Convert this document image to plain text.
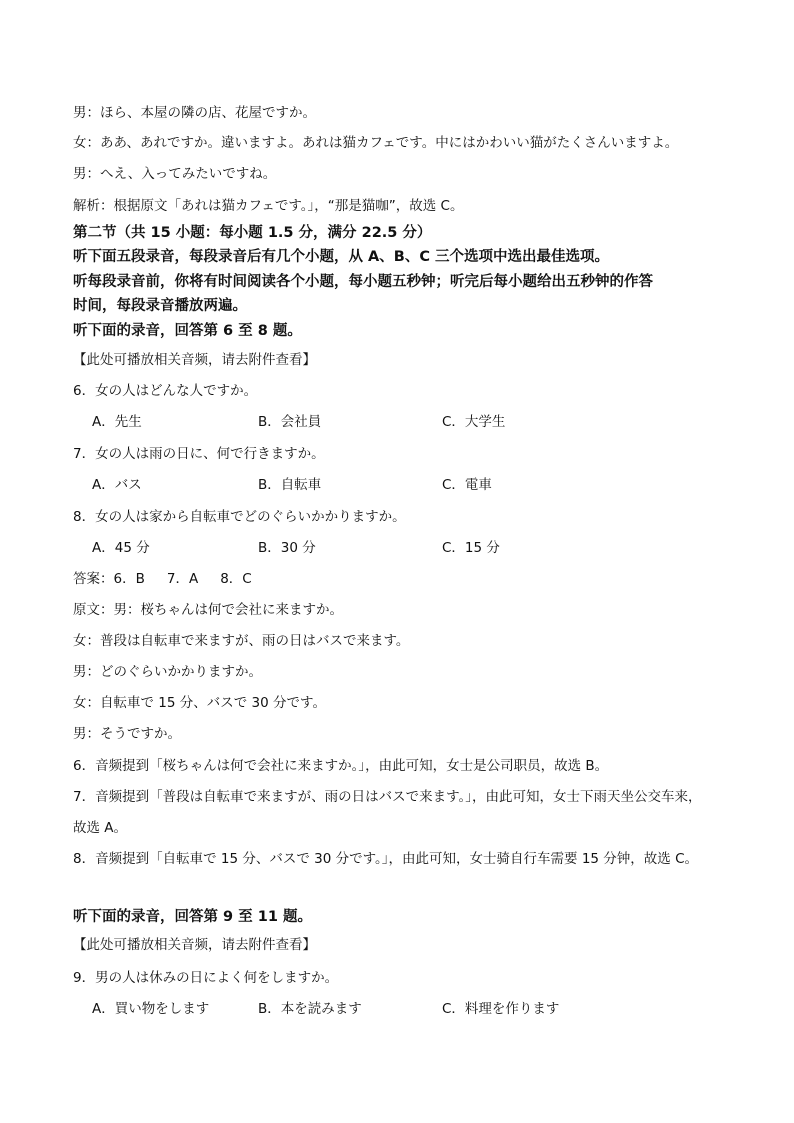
男：ほら、本屋の隣の店、花屋ですか。
女：ああ、あれですか。違いますよ。あれは猫カフェです。中にはかわいい猫がたくさんいますよ。
男：へえ、入ってみたいですね。
解析：根据原文「あれは猫カフェです。」，“那是猫咖”，故选 C。
第二节（共 15 小题：每小题 1.5 分，满分 22.5 分）
听下面五段录音，每段录音后有几个小题，从 A、B、C 三个选项中选出最佳选项。
听每段录音前，你将有时间阅读各个小题，每小题五秒钟；听完后每小题给出五秒钟的作答
时间，每段录音播放两遍。
听下面的录音，回答第 6 至 8 题。
【此处可播放相关音频，请去附件查看】
6．女の人はどんな人ですか。
A．先生	B．会社員	C．大学生
7．女の人は雨の日に、何で行きますか。
A．バス	B．自転車	C．電車
8．女の人は家から自転車でどのぐらいかかりますか。
A．45 分	B．30 分	C．15 分
答案：6．B 7．A 8．C
原文：男：桜ちゃんは何で会社に来ますか。
女：普段は自転車で来ますが、雨の日はバスで来ます。
男：どのぐらいかかりますか。
女：自転車で 15 分、バスで 30 分です。
男：そうですか。
6．音频提到「桜ちゃんは何で会社に来ますか。」，由此可知，女士是公司职员，故选 B。
7．音频提到「普段は自転車で来ますが、雨の日はバスで来ます。」，由此可知，女士下雨天坐公交车来，
故选 A。
8．音频提到「自転車で 15 分、バスで 30 分です。」，由此可知，女士骑自行车需要 15 分钟，故选 C。
听下面的录音，回答第 9 至 11 题。
【此处可播放相关音频，请去附件查看】
9．男の人は休みの日によく何をしますか。
A．買い物をします	B．本を読みます	C．料理を作ります
